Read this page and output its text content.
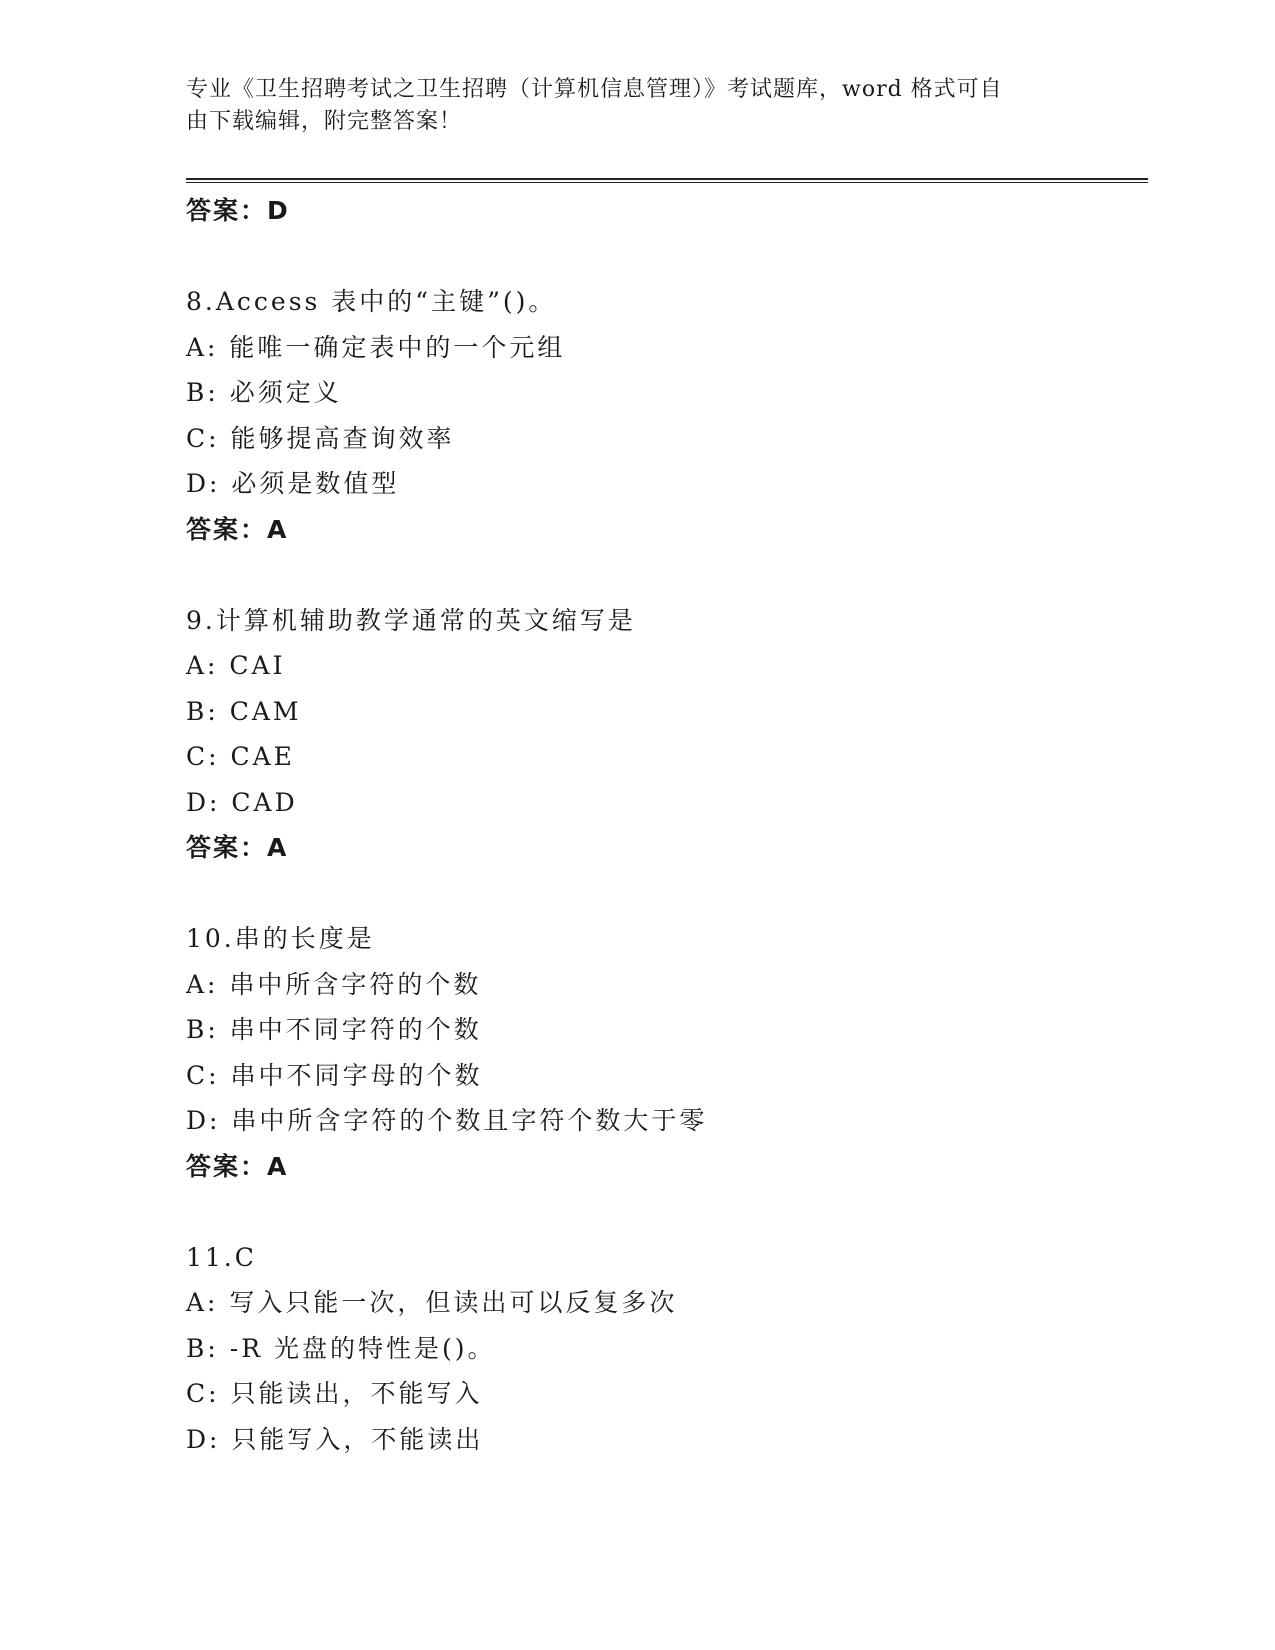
专业《卫生招聘考试之卫生招聘（计算机信息管理）》考试题库，word 格式可自
由下载编辑，附完整答案！
答案：D
8.Access 表中的“主键”()。
A: 能唯一确定表中的一个元组
B: 必须定义
C: 能够提高查询效率
D: 必须是数值型
答案：A
9.计算机辅助教学通常的英文缩写是
A: CAI
B: CAM
C: CAE
D: CAD
答案：A
10.串的长度是
A: 串中所含字符的个数
B: 串中不同字符的个数
C: 串中不同字母的个数
D: 串中所含字符的个数且字符个数大于零
答案：A
11.C
A: 写入只能一次，但读出可以反复多次
B: -R 光盘的特性是()。
C: 只能读出，不能写入
D: 只能写入，不能读出
